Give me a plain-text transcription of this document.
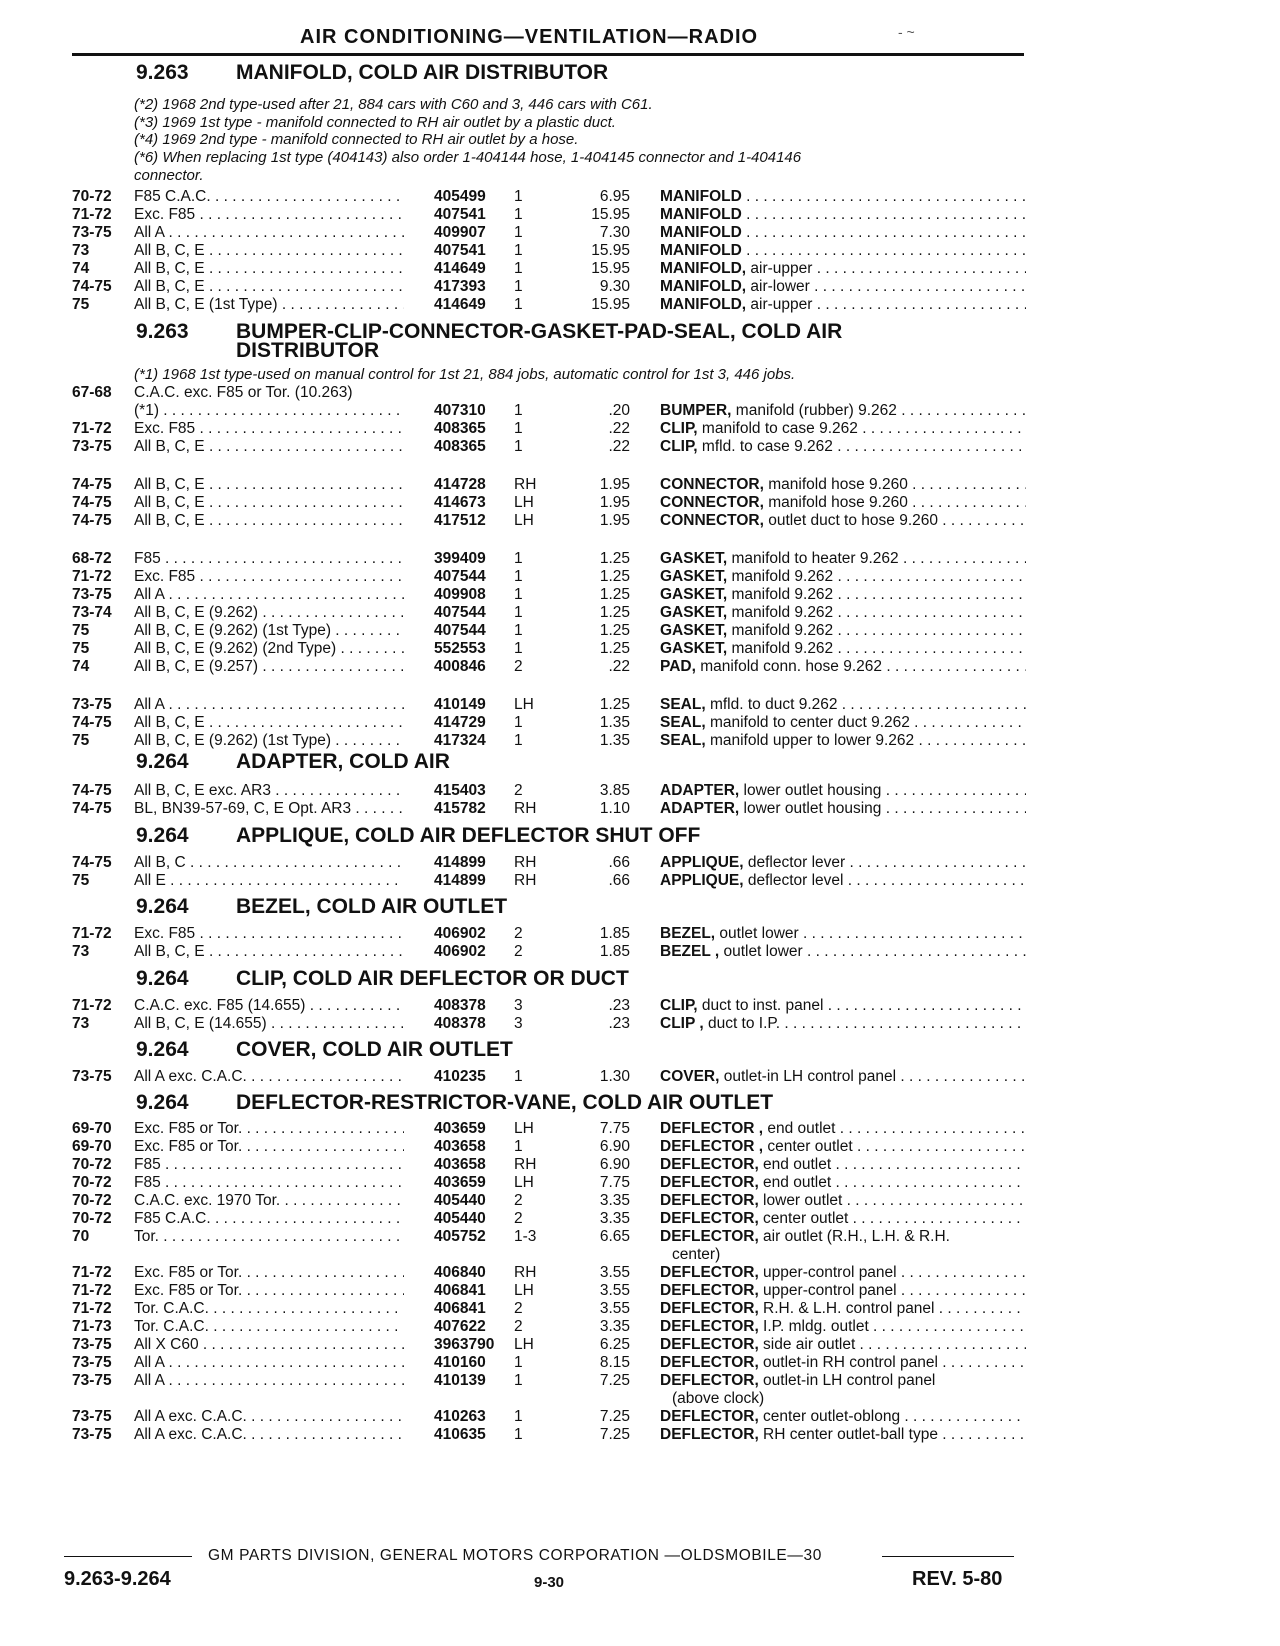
AIR CONDITIONING—VENTILATION—RADIO	- ~
9.263 MANIFOLD, COLD AIR DISTRIBUTOR
(*2) 1968 2nd type-used after 21, 884 cars with C60 and 3, 446 cars with C61.
(*3) 1969 1st type - manifold connected to RH air outlet by a plastic duct.
(*4) 1969 2nd type - manifold connected to RH air outlet by a hose.
(*6) When replacing 1st type (404143) also order 1-404144 hose, 1-404145 connector and 1-404146
connector.
70-72	F85 C.A.C. . . .	405499	1	6.95 MANIFOLD . . .
71-72	Exc. F85 . . .	407541	1	15.95 MANIFOLD . . .
73-75	All A . . .	409907	1	7.30 MANIFOLD . . .
73	All B, C, E . . .	407541	1	15.95 MANIFOLD . . .
74	All B, C, E . . .	414649	1	15.95 MANIFOLD, air-upper . . .
74-75	All B, C, E . . .	417393	1	9.30 MANIFOLD, air-lower . . .
75	All B, C, E (1st Type) . . .	414649	1	15.95 MANIFOLD, air-upper . . .
9.263 BUMPER-CLIP-CONNECTOR-GASKET-PAD-SEAL, COLD AIR
DISTRIBUTOR
(*1) 1968 1st type-used on manual control for 1st 21, 884 jobs, automatic control for 1st 3, 446 jobs.
67-68	C.A.C. exc. F85 or Tor. (10.263)
(*1) . . .	407310	1	.20 BUMPER, manifold (rubber) 9.262 . . .
71-72	Exc. F85 . . .	408365	1	.22 CLIP, manifold to case 9.262 . . .
73-75	All B, C, E . . .	408365	1	.22 CLIP, mfld. to case 9.262 . . .
74-75	All B, C, E . . .	414728	RH	1.95 CONNECTOR, manifold hose 9.260 . . .
74-75	All B, C, E . . .	414673	LH	1.95 CONNECTOR, manifold hose 9.260 . . .
74-75	All B, C, E . . .	417512	LH	1.95 CONNECTOR, outlet duct to hose 9.260 . . .
68-72	F85 . . .	399409	1	1.25 GASKET, manifold to heater 9.262 . . .
71-72	Exc. F85 . . .	407544	1	1.25 GASKET, manifold 9.262 . . .
73-75	All A . . .	409908	1	1.25 GASKET, manifold 9.262 . . .
73-74	All B, C, E (9.262) . . .	407544	1	1.25 GASKET, manifold 9.262 . . .
75	All B, C, E (9.262) (1st Type) . . .	407544	1	1.25 GASKET, manifold 9.262 . . .
75	All B, C, E (9.262) (2nd Type) . . .	552553	1	1.25 GASKET, manifold 9.262 . . .
74	All B, C, E (9.257) . . .	400846	2	.22 PAD, manifold conn. hose 9.262 . . .
73-75	All A . . .	410149	LH	1.25 SEAL, mfld. to duct 9.262 . . .
74-75	All B, C, E . . .	414729	1	1.35 SEAL, manifold to center duct 9.262 . . .
75	All B, C, E (9.262) (1st Type) . . .	417324	1	1.35 SEAL, manifold upper to lower 9.262 . . .
9.264 ADAPTER, COLD AIR
74-75	All B, C, E exc. AR3 . . .	415403	2	3.85 ADAPTER, lower outlet housing . . .
74-75	BL, BN39-57-69, C, E Opt. AR3 . . .	415782	RH	1.10 ADAPTER, lower outlet housing . . .
9.264 APPLIQUE, COLD AIR DEFLECTOR SHUT OFF
74-75	All B, C . . .	414899	RH	.66 APPLIQUE, deflector lever . . .
75	All E . . .	414899	RH	.66 APPLIQUE, deflector level . . .
9.264 BEZEL, COLD AIR OUTLET
71-72	Exc. F85 . . .	406902	2	1.85 BEZEL, outlet lower . . .
73	All B, C, E . . .	406902	2	1.85 BEZEL , outlet lower . . .
9.264 CLIP, COLD AIR DEFLECTOR OR DUCT
71-72	C.A.C. exc. F85 (14.655) . . .	408378	3	.23 CLIP, duct to inst. panel . . .
73	All B, C, E (14.655) . . .	408378	3	.23 CLIP , duct to I.P. . . .
9.264 COVER, COLD AIR OUTLET
73-75	All A exc. C.A.C. . . .	410235	1	1.30 COVER, outlet-in LH control panel . . .
9.264 DEFLECTOR-RESTRICTOR-VANE, COLD AIR OUTLET
69-70	Exc. F85 or Tor. . . .	403659	LH	7.75 DEFLECTOR , end outlet . . .
69-70	Exc. F85 or Tor. . . .	403658	1	6.90 DEFLECTOR , center outlet . . .
70-72	F85 . . .	403658	RH	6.90 DEFLECTOR, end outlet . . .
70-72	F85 . . .	403659	LH	7.75 DEFLECTOR, end outlet . . .
70-72	C.A.C. exc. 1970 Tor. . . .	405440	2	3.35 DEFLECTOR, lower outlet . . .
70-72	F85 C.A.C. . . .	405440	2	3.35 DEFLECTOR, center outlet . . .
70	Tor. . . .	405752	1-3	6.65 DEFLECTOR, air outlet (R.H., L.H. & R.H.
center)
71-72	Exc. F85 or Tor. . . .	406840	RH	3.55 DEFLECTOR, upper-control panel . . .
71-72	Exc. F85 or Tor. . . .	406841	LH	3.55 DEFLECTOR, upper-control panel . . .
71-72	Tor. C.A.C. . . .	406841	2	3.55 DEFLECTOR, R.H. & L.H. control panel . . .
71-73	Tor. C.A.C. . . .	407622	2	3.35 DEFLECTOR, I.P. mldg. outlet . . .
73-75	All X C60 . . .	3963790	LH	6.25 DEFLECTOR, side air outlet . . .
73-75	All A . . .	410160	1	8.15 DEFLECTOR, outlet-in RH control panel . . .
73-75	All A . . .	410139	1	7.25 DEFLECTOR, outlet-in LH control panel
(above clock)
73-75	All A exc. C.A.C. . . .	410263	1	7.25 DEFLECTOR, center outlet-oblong . . .
73-75	All A exc. C.A.C. . . .	410635	1	7.25 DEFLECTOR, RH center outlet-ball type . . .
GM PARTS DIVISION, GENERAL MOTORS CORPORATION —OLDSMOBILE—30
9.263-9.264	9-30	REV. 5-80
